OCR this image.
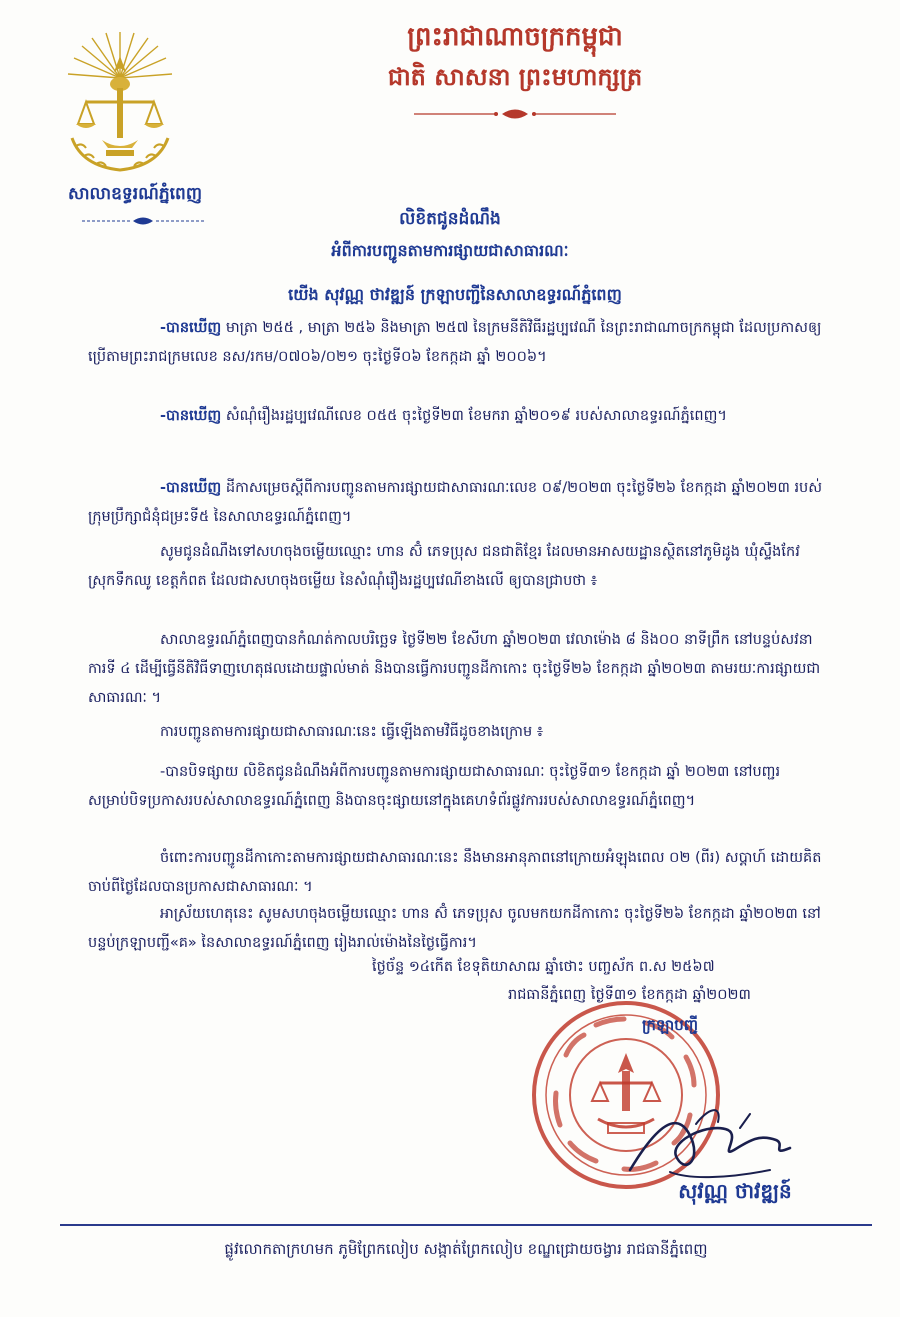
សាលាឧទ្ធរណ៍ភ្នំពេញ
ព្រះរាជាណាចក្រកម្ពុជា
ជាតិ សាសនា ព្រះមហាក្សត្រ
លិខិតជូនដំណឹង
អំពីការបញ្ជូនតាមការផ្សាយជាសាធារណៈ
យើង សុវណ្ណ ថាវឌ្ឍន៍ ក្រឡាបញ្ជីនៃសាលាឧទ្ធរណ៍ភ្នំពេញ
-បានឃើញ មាត្រា ២៥៥ , មាត្រា ២៥៦ និងមាត្រា ២៥៧ នៃក្រមនីតិវិធីរដ្ឋប្បវេណី នៃព្រះរាជាណាចក្រកម្ពុជា ដែលប្រកាសឲ្យប្រើតាមព្រះរាជក្រមលេខ នស/រកម/០៧០៦/០២១ ចុះថ្ងៃទី០៦ ខែកក្កដា ឆ្នាំ ២០០៦។
-បានឃើញ សំណុំរឿងរដ្ឋប្បវេណីលេខ ០៥៥ ចុះថ្ងៃទី២៣ ខែមករា ឆ្នាំ២០១៩ របស់សាលាឧទ្ធរណ៍ភ្នំពេញ។
-បានឃើញ ដីកាសម្រេចស្តីពីការបញ្ជូនតាមការផ្សាយជាសាធារណៈលេខ ០៩/២០២៣ ចុះថ្ងៃទី២៦ ខែកក្កដា ឆ្នាំ២០២៣ របស់ក្រុមប្រឹក្សាជំនុំជម្រះទី៥ នៃសាលាឧទ្ធរណ៍ភ្នំពេញ។
សូមជូនដំណឹងទៅសហចុងចម្លើយឈ្មោះ ហាន ស៊ំ ភេទប្រុស ជនជាតិខ្មែរ ដែលមានអាសយដ្ឋានស្ថិតនៅភូមិដូង ឃុំស្ទឹងកែវ ស្រុកទឹកឈូ ខេត្តកំពត ដែលជាសហចុងចម្លើយ នៃសំណុំរឿងរដ្ឋប្បវេណីខាងលើ ឲ្យបានជ្រាបថា ៖
សាលាឧទ្ធរណ៍ភ្នំពេញបានកំណត់កាលបរិច្ឆេទ ថ្ងៃទី២២ ខែសីហា ឆ្នាំ២០២៣ វេលាម៉ោង ៨ និង០០ នាទីព្រឹក នៅបន្ទប់សវនាការទី ៤ ដើម្បីធ្វើនីតិវិធីទាញហេតុផលដោយផ្ទាល់មាត់ និងបានធ្វើការបញ្ជូនដីកាកោះ ចុះថ្ងៃទី២៦ ខែកក្កដា ឆ្នាំ២០២៣ តាមរយៈការផ្សាយជាសាធារណៈ ។
ការបញ្ជូនតាមការផ្សាយជាសាធារណៈនេះ ធ្វើឡើងតាមវិធីដូចខាងក្រោម ៖
-បានបិទផ្សាយ លិខិតជូនដំណឹងអំពីការបញ្ជូនតាមការផ្សាយជាសាធារណៈ ចុះថ្ងៃទី៣១ ខែកក្កដា ឆ្នាំ ២០២៣ នៅបញ្ជរសម្រាប់បិទប្រកាសរបស់សាលាឧទ្ធរណ៍ភ្នំពេញ និងបានចុះផ្សាយនៅក្នុងគេហទំព័រផ្លូវការរបស់សាលាឧទ្ធរណ៍ភ្នំពេញ។
ចំពោះការបញ្ជូនដីកាកោះតាមការផ្សាយជាសាធារណៈនេះ នឹងមានអានុភាពនៅក្រោយអំឡុងពេល ០២ (ពីរ) សប្តាហ៍ ដោយគិតចាប់ពីថ្ងៃដែលបានប្រកាសជាសាធារណៈ ។
អាស្រ័យហេតុនេះ សូមសហចុងចម្លើយឈ្មោះ ហាន ស៊ំ ភេទប្រុស ចូលមកយកដីកាកោះ ចុះថ្ងៃទី២៦ ខែកក្កដា ឆ្នាំ២០២៣ នៅបន្ទប់ក្រឡាបញ្ជី«គ» នៃសាលាឧទ្ធរណ៍ភ្នំពេញ រៀងរាល់ម៉ោងនៃថ្ងៃធ្វើការ។
ថ្ងៃច័ន្ទ ១៤កើត ខែទុតិយាសាឍ ឆ្នាំថោះ បញ្ចស័ក ព.ស ២៥៦៧
រាជធានីភ្នំពេញ ថ្ងៃទី៣១ ខែកក្កដា ឆ្នាំ២០២៣
ក្រឡាបញ្ជី
សុវណ្ណ ថាវឌ្ឍន៍
ផ្លូវលោកតាក្រហមក ភូមិព្រែកលៀប សង្កាត់ព្រែកលៀប ខណ្ឌជ្រោយចង្វារ រាជធានីភ្នំពេញ
